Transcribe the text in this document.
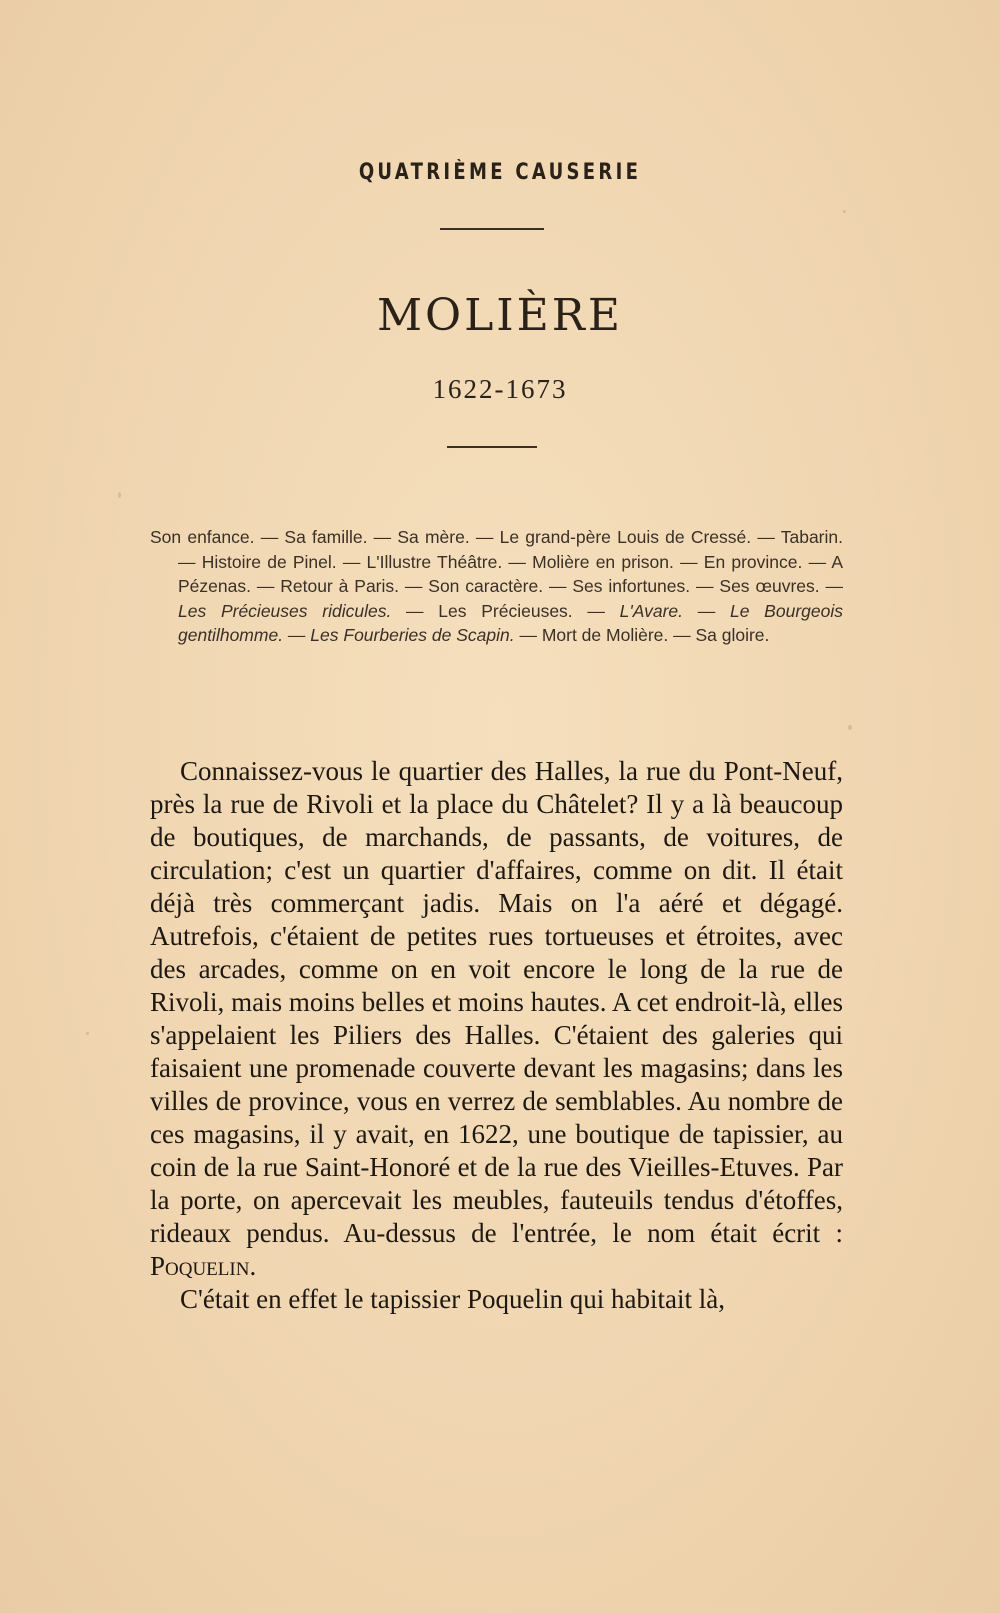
QUATRIÈME CAUSERIE
MOLIÈRE
1622-1673

Son enfance. — Sa famille. — Sa mère. — Le grand-père Louis de Cressé. — Tabarin. — Histoire de Pinel. — L'Illustre Théâtre. — Molière en prison. — En province. — A Pézenas. — Retour à Paris. — Son caractère. — Ses infortunes. — Ses œuvres. — Les Précieuses ridicules. — Les Précieuses. — L'Avare. — Le Bourgeois gentilhomme. — Les Fourberies de Scapin. — Mort de Molière. — Sa gloire.

Connaissez-vous le quartier des Halles, la rue du Pont-Neuf, près la rue de Rivoli et la place du Châtelet? Il y a là beaucoup de boutiques, de marchands, de passants, de voitures, de circulation; c'est un quartier d'affaires, comme on dit. Il était déjà très commerçant jadis. Mais on l'a aéré et dégagé. Autrefois, c'étaient de petites rues tortueuses et étroites, avec des arcades, comme on en voit encore le long de la rue de Rivoli, mais moins belles et moins hautes. A cet endroit-là, elles s'appelaient les Piliers des Halles. C'étaient des galeries qui faisaient une promenade couverte devant les magasins; dans les villes de province, vous en verrez de semblables. Au nombre de ces magasins, il y avait, en 1622, une boutique de tapissier, au coin de la rue Saint-Honoré et de la rue des Vieilles-Etuves. Par la porte, on apercevait les meubles, fauteuils tendus d'étoffes, rideaux pendus. Au-dessus de l'entrée, le nom était écrit : Poquelin.

C'était en effet le tapissier Poquelin qui habitait là,
